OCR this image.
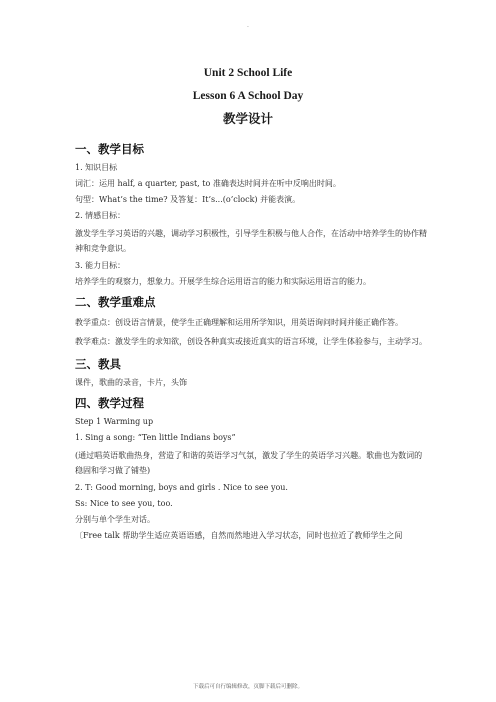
.
Unit 2 School Life
Lesson 6 A School Day
教学设计

一、教学目标

1. 知识目标

词汇：运用 half, a quarter, past, to 准确表达时间并在听中反响出时间。

句型：What’s the time? 及答复：It’s...(o’clock) 并能表演。

2. 情感目标：

激发学生学习英语的兴趣，调动学习积极性，引导学生积极与他人合作，在活动中培养学生的协作精神和竞争意识。

3. 能力目标：

培养学生的观察力，想象力。开展学生综合运用语言的能力和实际运用语言的能力。

二、教学重难点

教学重点：创设语言情景，使学生正确理解和运用所学知识，用英语询问时间并能正确作答。

教学难点：激发学生的求知欲，创设各种真实或接近真实的语言环境，让学生体验参与，主动学习。

三、教具

课件，歌曲的录音，卡片，头饰

四、教学过程

Step 1 Warming up

1. Sing a song: “Ten little Indians boys”

(通过唱英语歌曲热身，营造了和谐的英语学习气氛，激发了学生的英语学习兴趣。歌曲也为数词的稳固和学习做了铺垫)

2. T: Good morning, boys and girls . Nice to see you.

Ss: Nice to see you, too.

分别与单个学生对话。

〔Free talk 帮助学生适应英语语感，自然而然地进入学习状态，同时也拉近了教师学生之间

下载后可自行编辑修改，页脚下载后可删除。
